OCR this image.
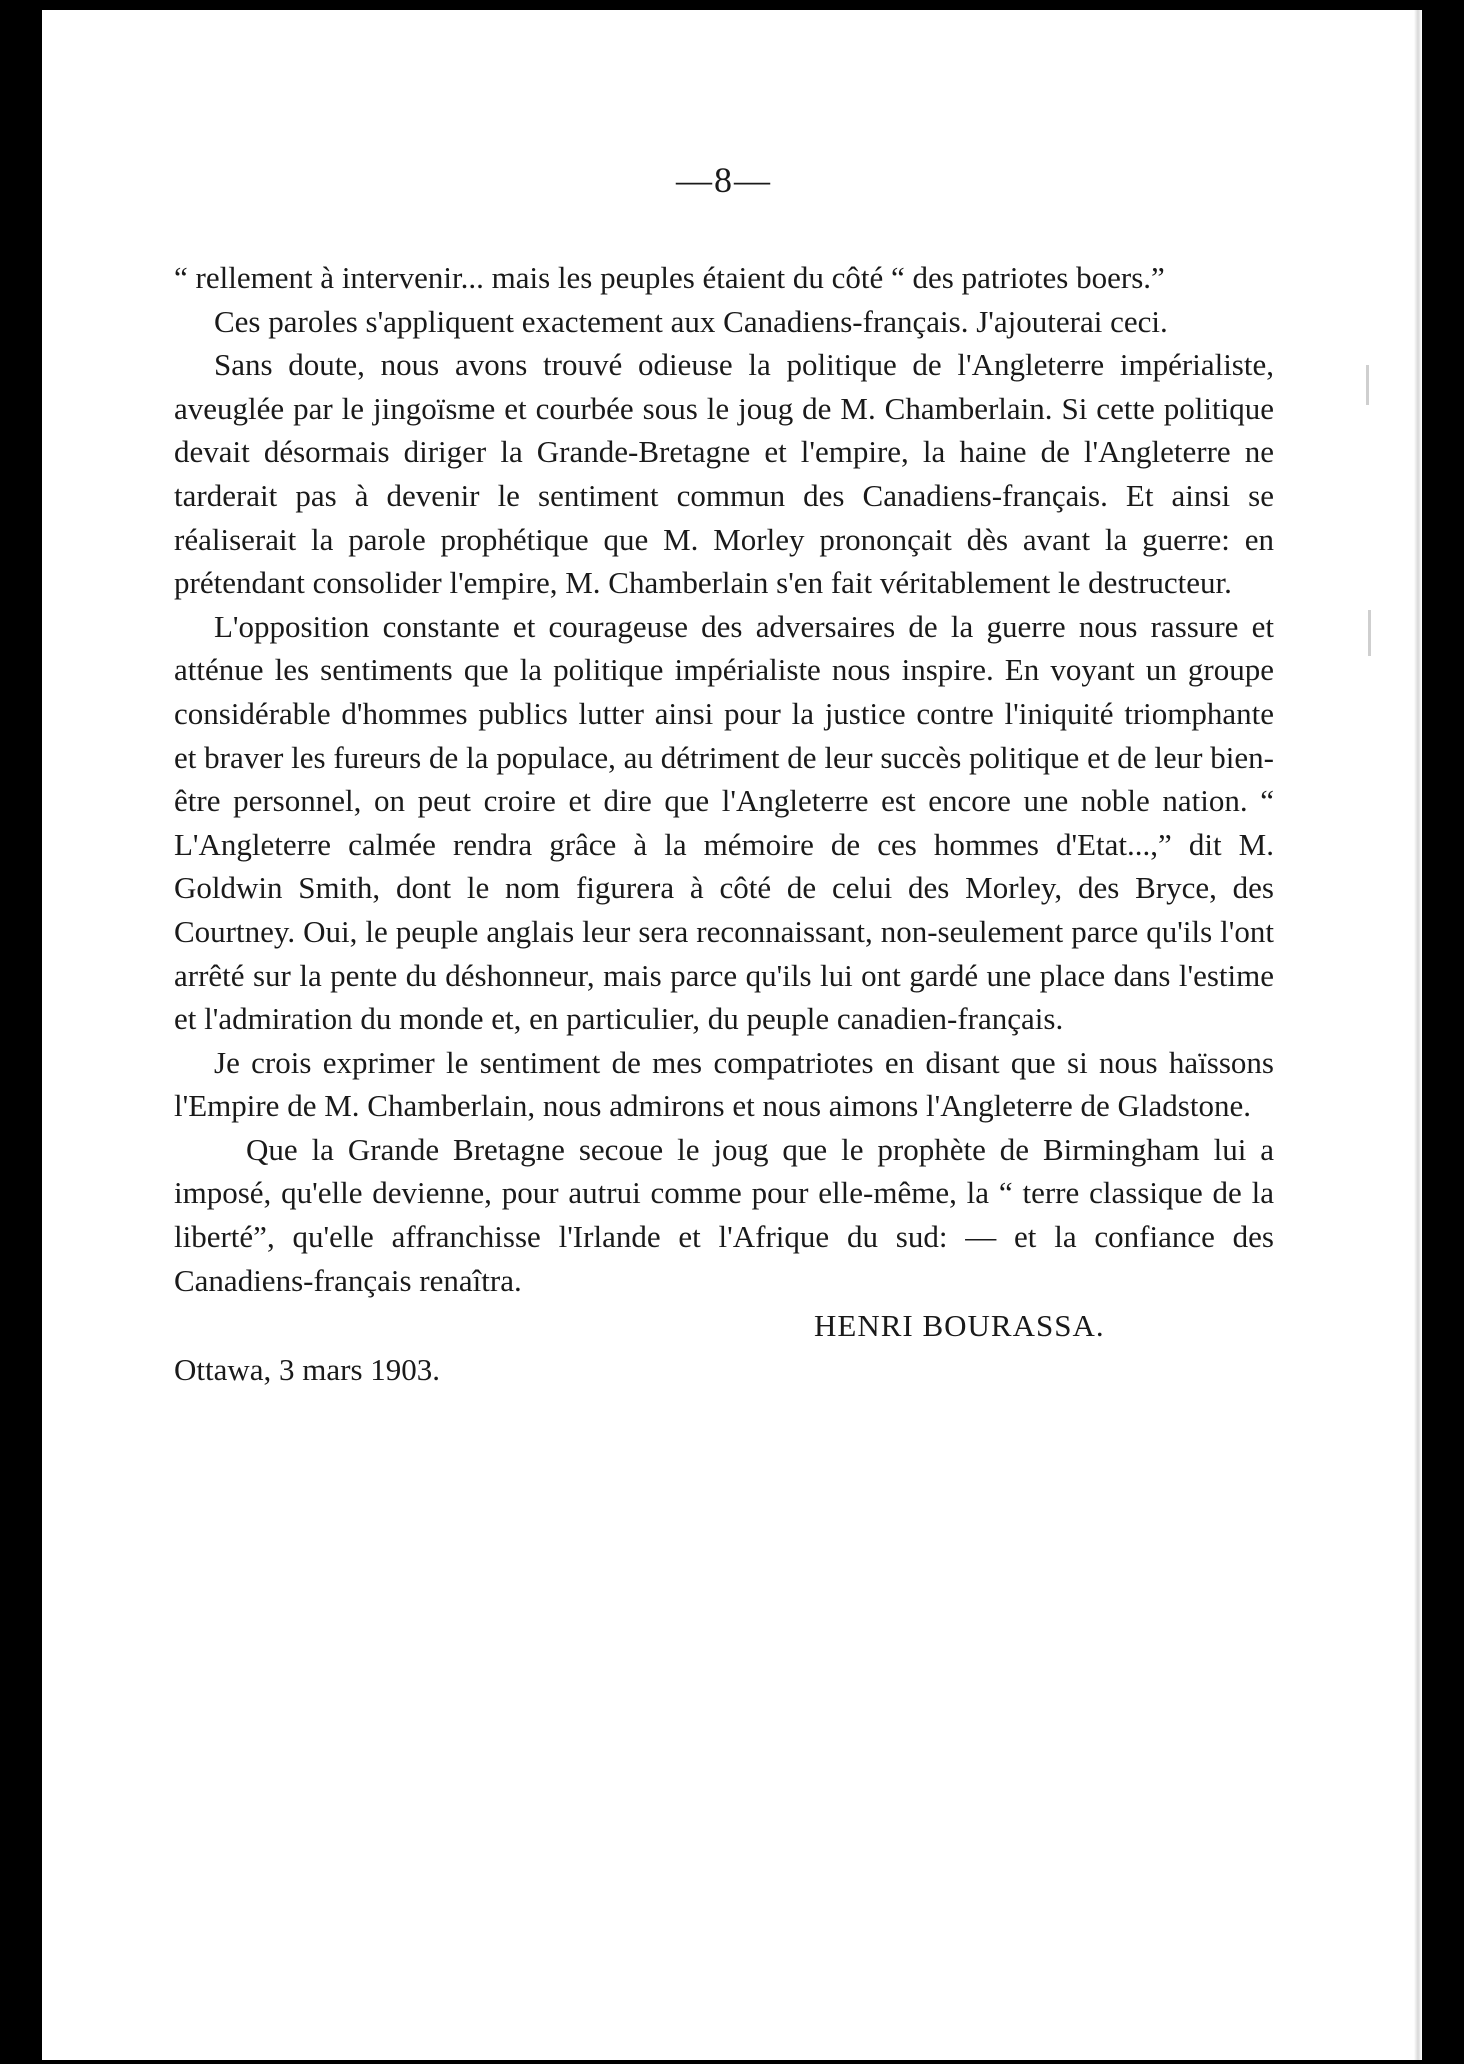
—8—

“ rellement à intervenir... mais les peuples étaient du côté “ des patriotes boers.”

Ces paroles s'appliquent exactement aux Canadiens-français. J'ajouterai ceci.

Sans doute, nous avons trouvé odieuse la politique de l'Angleterre impérialiste, aveuglée par le jingoïsme et courbée sous le joug de M. Chamberlain. Si cette politique devait désormais diriger la Grande-Bretagne et l'empire, la haine de l'Angleterre ne tarderait pas à devenir le sentiment commun des Canadiens-français. Et ainsi se réaliserait la parole prophétique que M. Morley prononçait dès avant la guerre: en prétendant consolider l'empire, M. Chamberlain s'en fait véritablement le destructeur.

L'opposition constante et courageuse des adversaires de la guerre nous rassure et atténue les sentiments que la politique impérialiste nous inspire. En voyant un groupe considérable d'hommes publics lutter ainsi pour la justice contre l'iniquité triomphante et braver les fureurs de la populace, au détriment de leur succès politique et de leur bien-être personnel, on peut croire et dire que l'Angleterre est encore une noble nation. “ L'Angleterre calmée rendra grâce à la mémoire de ces hommes d'Etat...,” dit M. Goldwin Smith, dont le nom figurera à côté de celui des Morley, des Bryce, des Courtney. Oui, le peuple anglais leur sera reconnaissant, non-seulement parce qu'ils l'ont arrêté sur la pente du déshonneur, mais parce qu'ils lui ont gardé une place dans l'estime et l'admiration du monde et, en particulier, du peuple canadien-français.

Je crois exprimer le sentiment de mes compatriotes en disant que si nous haïssons l'Empire de M. Chamberlain, nous admirons et nous aimons l'Angleterre de Gladstone.

Que la Grande Bretagne secoue le joug que le prophète de Birmingham lui a imposé, qu'elle devienne, pour autrui comme pour elle-même, la “ terre classique de la liberté”, qu'elle affranchisse l'Irlande et l'Afrique du sud: — et la confiance des Canadiens-français renaîtra.

HENRI BOURASSA.

Ottawa, 3 mars 1903.
